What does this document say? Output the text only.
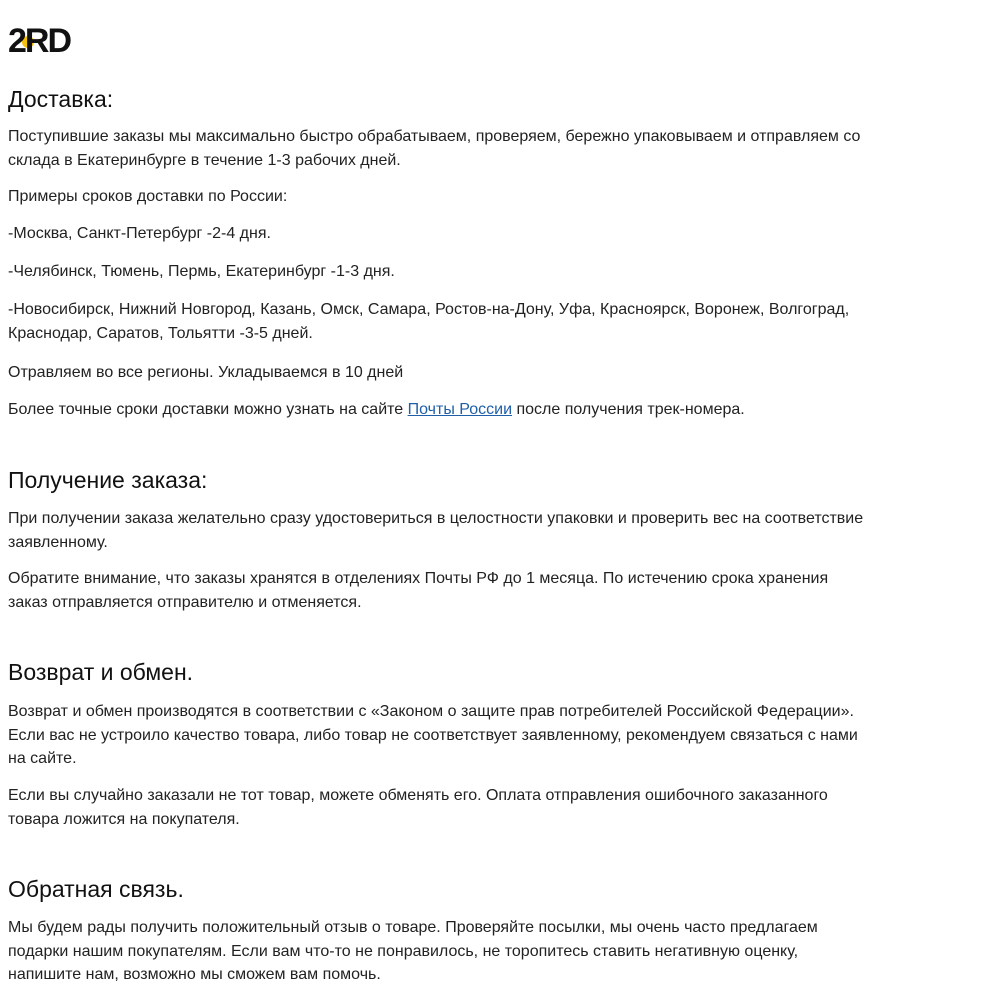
2RD
Доставка:

Поступившие заказы мы максимально быстро обрабатываем, проверяем, бережно упаковываем и отправляем со склада в Екатеринбурге в течение 1-3 рабочих дней.

Примеры сроков доставки по России:

-Москва, Санкт-Петербург -2-4 дня.

-Челябинск, Тюмень, Пермь, Екатеринбург -1-3 дня.

-Новосибирск, Нижний Новгород, Казань, Омск, Самара, Ростов-на-Дону, Уфа, Красноярск, Воронеж, Волгоград, Краснодар, Саратов, Тольятти -3-5 дней.

Отравляем во все регионы. Укладываемся в 10 дней

Более точные сроки доставки можно узнать на сайте Почты России после получения трек-номера.

Получение заказа:

При получении заказа желательно сразу удостовериться в целостности упаковки и проверить вес на соответствие заявленному.

Обратите внимание, что заказы хранятся в отделениях Почты РФ до 1 месяца. По истечению срока хранения заказ отправляется отправителю и отменяется.

Возврат и обмен.

Возврат и обмен производятся в соответствии с «Законом о защите прав потребителей Российской Федерации». Если вас не устроило качество товара, либо товар не соответствует заявленному, рекомендуем связаться с нами на сайте.

Если вы случайно заказали не тот товар, можете обменять его. Оплата отправления ошибочного заказанного товара ложится на покупателя.

Обратная связь.

Мы будем рады получить положительный отзыв о товаре. Проверяйте посылки, мы очень часто предлагаем подарки нашим покупателям. Если вам что-то не понравилось, не торопитесь ставить негативную оценку, напишите нам, возможно мы сможем вам помочь.
